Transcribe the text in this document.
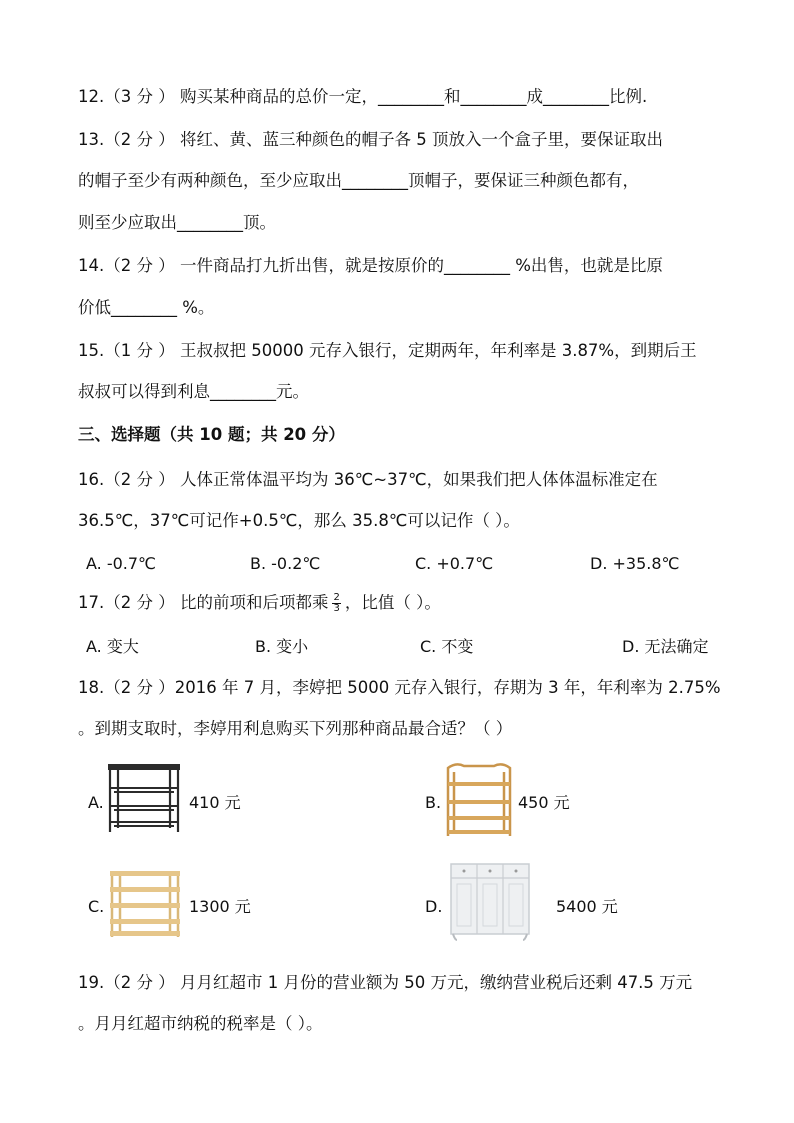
12.（3 分 ） 购买某种商品的总价一定，________和________成________比例.
13.（2 分 ） 将红、黄、蓝三种颜色的帽子各 5 顶放入一个盒子里，要保证取出
的帽子至少有两种颜色，至少应取出________顶帽子，要保证三种颜色都有，
则至少应取出________顶。
14.（2 分 ） 一件商品打九折出售，就是按原价的________ %出售，也就是比原
价低________ %。
15.（1 分 ） 王叔叔把 50000 元存入银行，定期两年，年利率是 3.87%，到期后王
叔叔可以得到利息________元。
三、选择题（共 10 题；共 20 分）
16.（2 分 ） 人体正常体温平均为 36℃~37℃，如果我们把人体体温标准定在
36.5℃，37℃可记作+0.5℃，那么 35.8℃可以记作（ ）。
A. -0.7℃	B. -0.2℃	C. +0.7℃	D. +35.8℃
17.（2 分 ） 比的前项和后项都乘 $\frac{2}{3}$ ，比值（ ）。
A. 变大	B. 变小	C. 不变	D. 无法确定
18.（2 分 ）2016 年 7 月，李婷把 5000 元存入银行，存期为 3 年，年利率为 2.75%
。到期支取时，李婷用利息购买下列那种商品最合适？（ ）
A.	410 元	B.	450 元
C.	1300 元	D.	5400 元
19.（2 分 ） 月月红超市 1 月份的营业额为 50 万元，缴纳营业税后还剩 47.5 万元
。月月红超市纳税的税率是（ ）。
